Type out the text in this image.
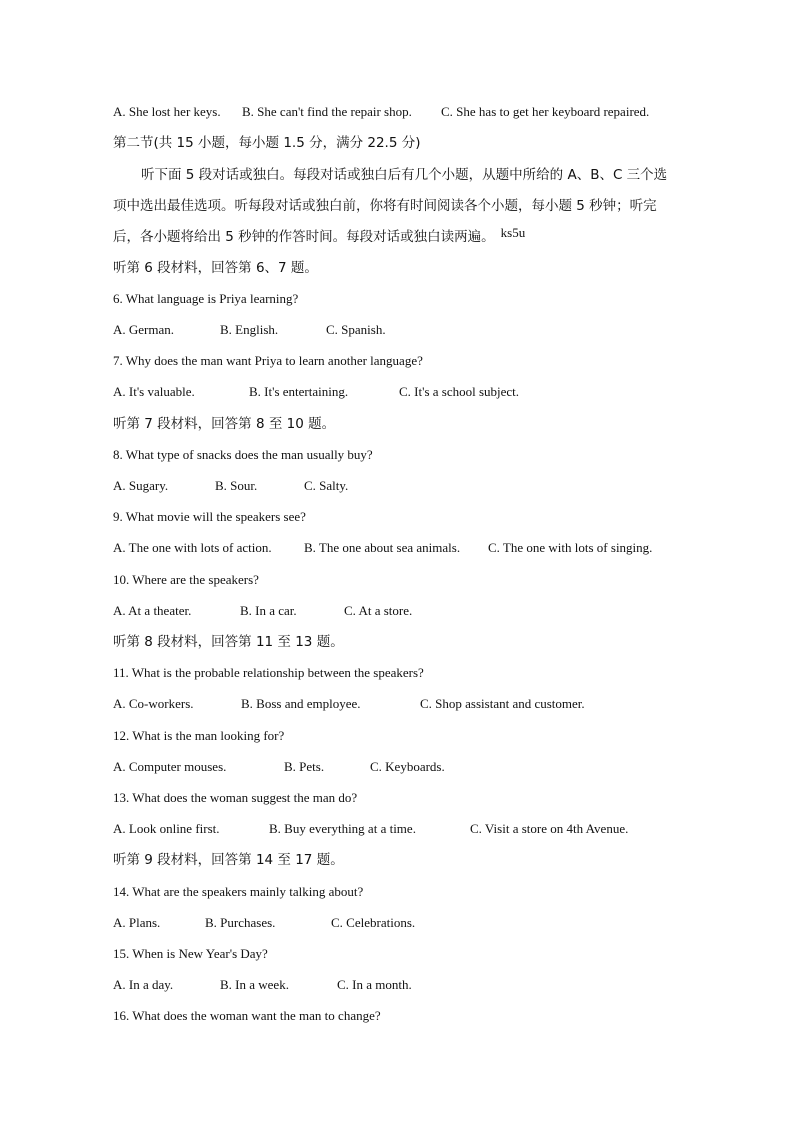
A. She lost her keys. B. She can't find the repair shop. C. She has to get her keyboard repaired.
第二节(共 15 小题，每小题 1.5 分，满分 22.5 分)
听下面 5 段对话或独白。每段对话或独白后有几个小题，从题中所给的 A、B、C 三个选
项中选出最佳选项。听每段对话或独白前，你将有时间阅读各个小题，每小题 5 秒钟；听完
后，各小题将给出 5 秒钟的作答时间。每段对话或独白读两遍。 ks5u
听第 6 段材料，回答第 6、7 题。
6. What language is Priya learning?
A. German.	B. English.	C. Spanish.
7. Why does the man want Priya to learn another language?
A. It's valuable.	B. It's entertaining.	C. It's a school subject.
听第 7 段材料，回答第 8 至 10 题。
8. What type of snacks does the man usually buy?
A. Sugary.	B. Sour.	C. Salty.
9. What movie will the speakers see?
A. The one with lots of action. B. The one about sea animals. C. The one with lots of singing.
10. Where are the speakers?
A. At a theater.	B. In a car.	C. At a store.
听第 8 段材料，回答第 11 至 13 题。
11. What is the probable relationship between the speakers?
A. Co-workers.	B. Boss and employee.	C. Shop assistant and customer.
12. What is the man looking for?
A. Computer mouses.	B. Pets.	C. Keyboards.
13. What does the woman suggest the man do?
A. Look online first.	B. Buy everything at a time.	C. Visit a store on 4th Avenue.
听第 9 段材料，回答第 14 至 17 题。
14. What are the speakers mainly talking about?
A. Plans.	B. Purchases.	C. Celebrations.
15. When is New Year's Day?
A. In a day.	B. In a week.	C. In a month.
16. What does the woman want the man to change?
